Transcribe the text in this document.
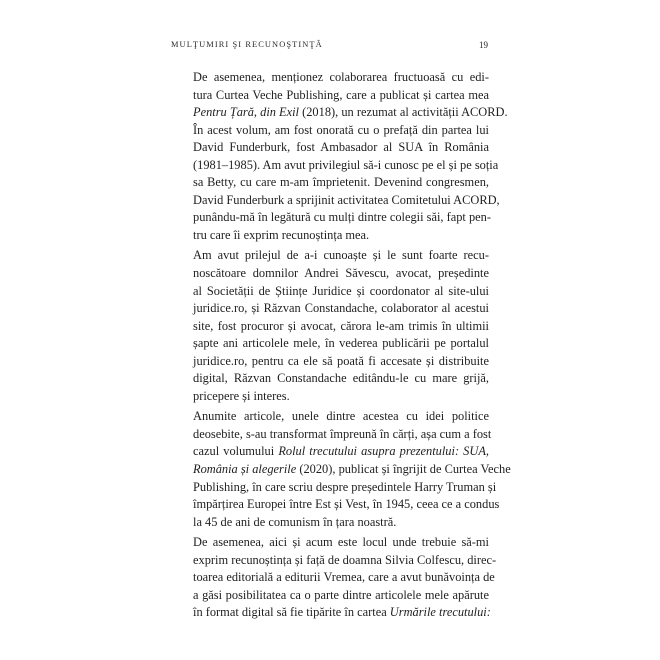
MULŢUMIRI ŞI RECUNOŞTINŢĂ	19

De asemenea, menționez colaborarea fructuoasă cu edi-
tura Curtea Veche Publishing, care a publicat și cartea mea
Pentru Țară, din Exil (2018), un rezumat al activității ACORD.
În acest volum, am fost onorată cu o prefață din partea lui
David Funderburk, fost Ambasador al SUA în România
(1981–1985). Am avut privilegiul să-i cunosc pe el și pe soția
sa Betty, cu care m-am împrietenit. Devenind congresmen,
David Funderburk a sprijinit activitatea Comitetului ACORD,
punându-mă în legătură cu mulți dintre colegii săi, fapt pen-
tru care îi exprim recunoștința mea.

Am avut prilejul de a-i cunoaște și le sunt foarte recu-
noscătoare domnilor Andrei Săvescu, avocat, președinte
al Societății de Științe Juridice și coordonator al site-ului
juridice.ro, și Răzvan Constandache, colaborator al acestui
site, fost procuror și avocat, cărora le-am trimis în ultimii
șapte ani articolele mele, în vederea publicării pe portalul
juridice.ro, pentru ca ele să poată fi accesate și distribuite
digital, Răzvan Constandache editându-le cu mare grijă,
pricepere și interes.

Anumite articole, unele dintre acestea cu idei politice
deosebite, s-au transformat împreună în cărți, așa cum a fost
cazul volumului Rolul trecutului asupra prezentului: SUA,
România și alegerile (2020), publicat și îngrijit de Curtea Veche
Publishing, în care scriu despre președintele Harry Truman și
împărțirea Europei între Est și Vest, în 1945, ceea ce a condus
la 45 de ani de comunism în țara noastră.

De asemenea, aici și acum este locul unde trebuie să-mi
exprim recunoștința și față de doamna Silvia Colfescu, direc-
toarea editorială a editurii Vremea, care a avut bunăvoința de
a găsi posibilitatea ca o parte dintre articolele mele apărute
în format digital să fie tipărite în cartea Urmările trecutului:
